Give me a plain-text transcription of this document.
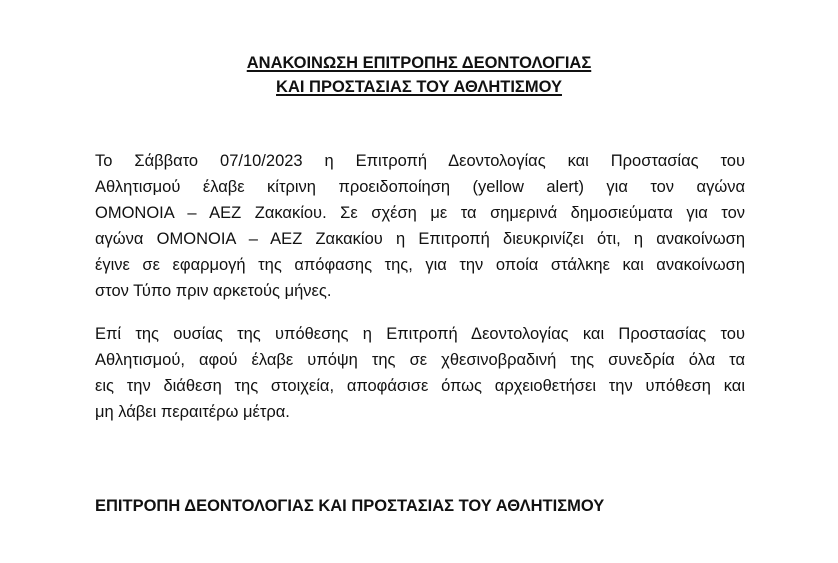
ΑΝΑΚΟΙΝΩΣΗ ΕΠΙΤΡΟΠΗΣ ΔΕΟΝΤΟΛΟΓΙΑΣ
ΚΑΙ ΠΡΟΣΤΑΣΙΑΣ ΤΟΥ ΑΘΛΗΤΙΣΜΟΥ
Το Σάββατο 07/10/2023 η Επιτροπή Δεοντολογίας και Προστασίας του
Αθλητισμού έλαβε κίτρινη προειδοποίηση (yellow alert) για τον αγώνα
ΟΜΟΝΟΙΑ – ΑΕΖ Ζακακίου. Σε σχέση με τα σημερινά δημοσιεύματα για τον
αγώνα ΟΜΟΝΟΙΑ – ΑΕΖ Ζακακίου η Επιτροπή διευκρινίζει ότι, η ανακοίνωση
έγινε σε εφαρμογή της απόφασης της, για την οποία στάλκηε και ανακοίνωση
στον Τύπο πριν αρκετούς μήνες.
Επί της ουσίας της υπόθεσης η Επιτροπή Δεοντολογίας και Προστασίας του
Αθλητισμού, αφού έλαβε υπόψη της σε χθεσινοβραδινή της συνεδρία όλα τα
εις την διάθεση της στοιχεία, αποφάσισε όπως αρχειοθετήσει την υπόθεση και
μη λάβει περαιτέρω μέτρα.
ΕΠΙΤΡΟΠΗ ΔΕΟΝΤΟΛΟΓΙΑΣ ΚΑΙ ΠΡΟΣΤΑΣΙΑΣ ΤΟΥ ΑΘΛΗΤΙΣΜΟΥ
